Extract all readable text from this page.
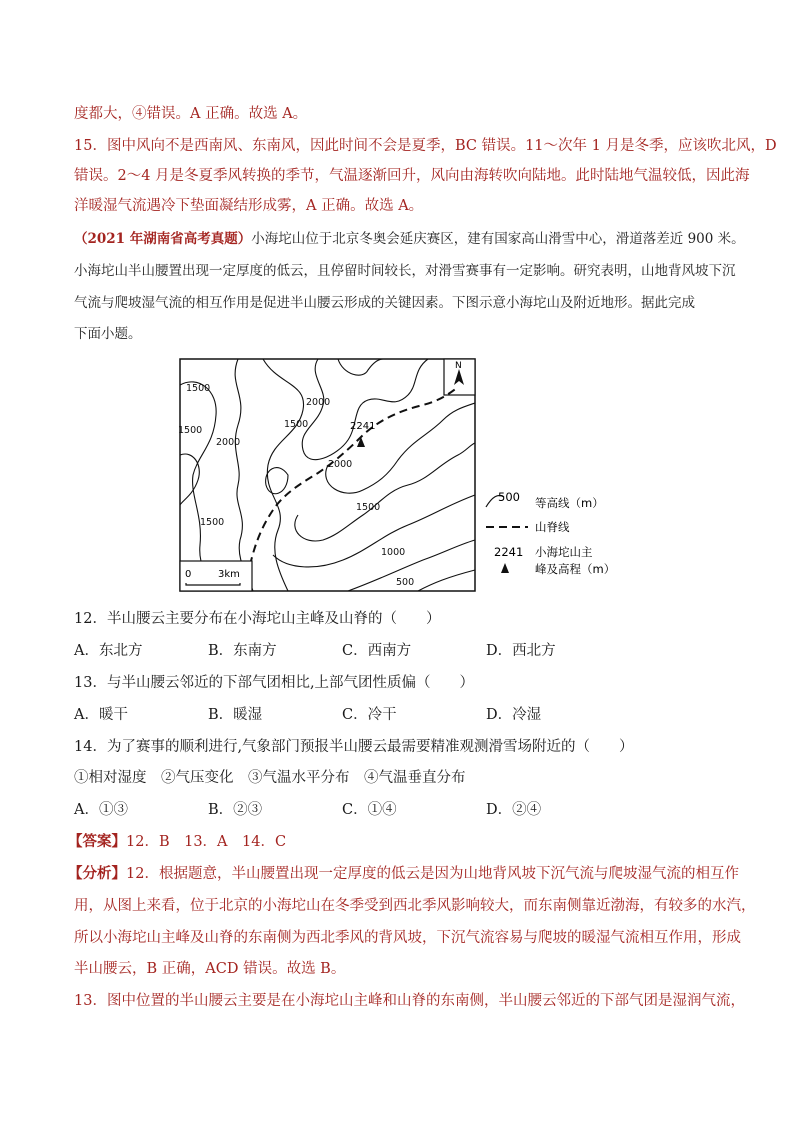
度都大，④错误。A 正确。故选 A。
15．图中风向不是西南风、东南风，因此时间不会是夏季，BC 错误。11～次年 1 月是冬季，应该吹北风，D
错误。2～4 月是冬夏季风转换的季节，气温逐渐回升，风向由海转吹向陆地。此时陆地气温较低，因此海
洋暖湿气流遇冷下垫面凝结形成雾，A 正确。故选 A。
（2021 年湖南省高考真题）小海坨山位于北京冬奥会延庆赛区，建有国家高山滑雪中心，滑道落差近 900 米。
小海坨山半山腰置出现一定厚度的低云，且停留时间较长，对滑雪赛事有一定影响。研究表明，山地背风坡下沉
气流与爬坡湿气流的相互作用是促进半山腰云形成的关键因素。下图示意小海坨山及附近地形。据此完成
下面小题。
N
2241
1500
2000
1500
2000
1500
2000
1500
1000
500
1500
0	3km
500 等高线（m）
山脊线
2241 小海坨山主
峰及高程（m）
12．半山腰云主要分布在小海坨山主峰及山脊的（　　）
A．东北方	B．东南方	C．西南方	D．西北方
13．与半山腰云邻近的下部气团相比,上部气团性质偏（　　）
A．暖干	B．暖湿	C．冷干	D．冷湿
14．为了赛事的顺利进行,气象部门预报半山腰云最需要精准观测滑雪场附近的（　　）
①相对湿度　②气压变化　③气温水平分布　④气温垂直分布
A．①③	B．②③	C．①④	D．②④
【答案】12．B　13．A　14．C
【分析】12．根据题意，半山腰置出现一定厚度的低云是因为山地背风坡下沉气流与爬坡湿气流的相互作
用，从图上来看，位于北京的小海坨山在冬季受到西北季风影响较大，而东南侧靠近渤海，有较多的水汽，
所以小海坨山主峰及山脊的东南侧为西北季风的背风坡，下沉气流容易与爬坡的暖湿气流相互作用，形成
半山腰云，B 正确，ACD 错误。故选 B。
13．图中位置的半山腰云主要是在小海坨山主峰和山脊的东南侧，半山腰云邻近的下部气团是湿润气流，
